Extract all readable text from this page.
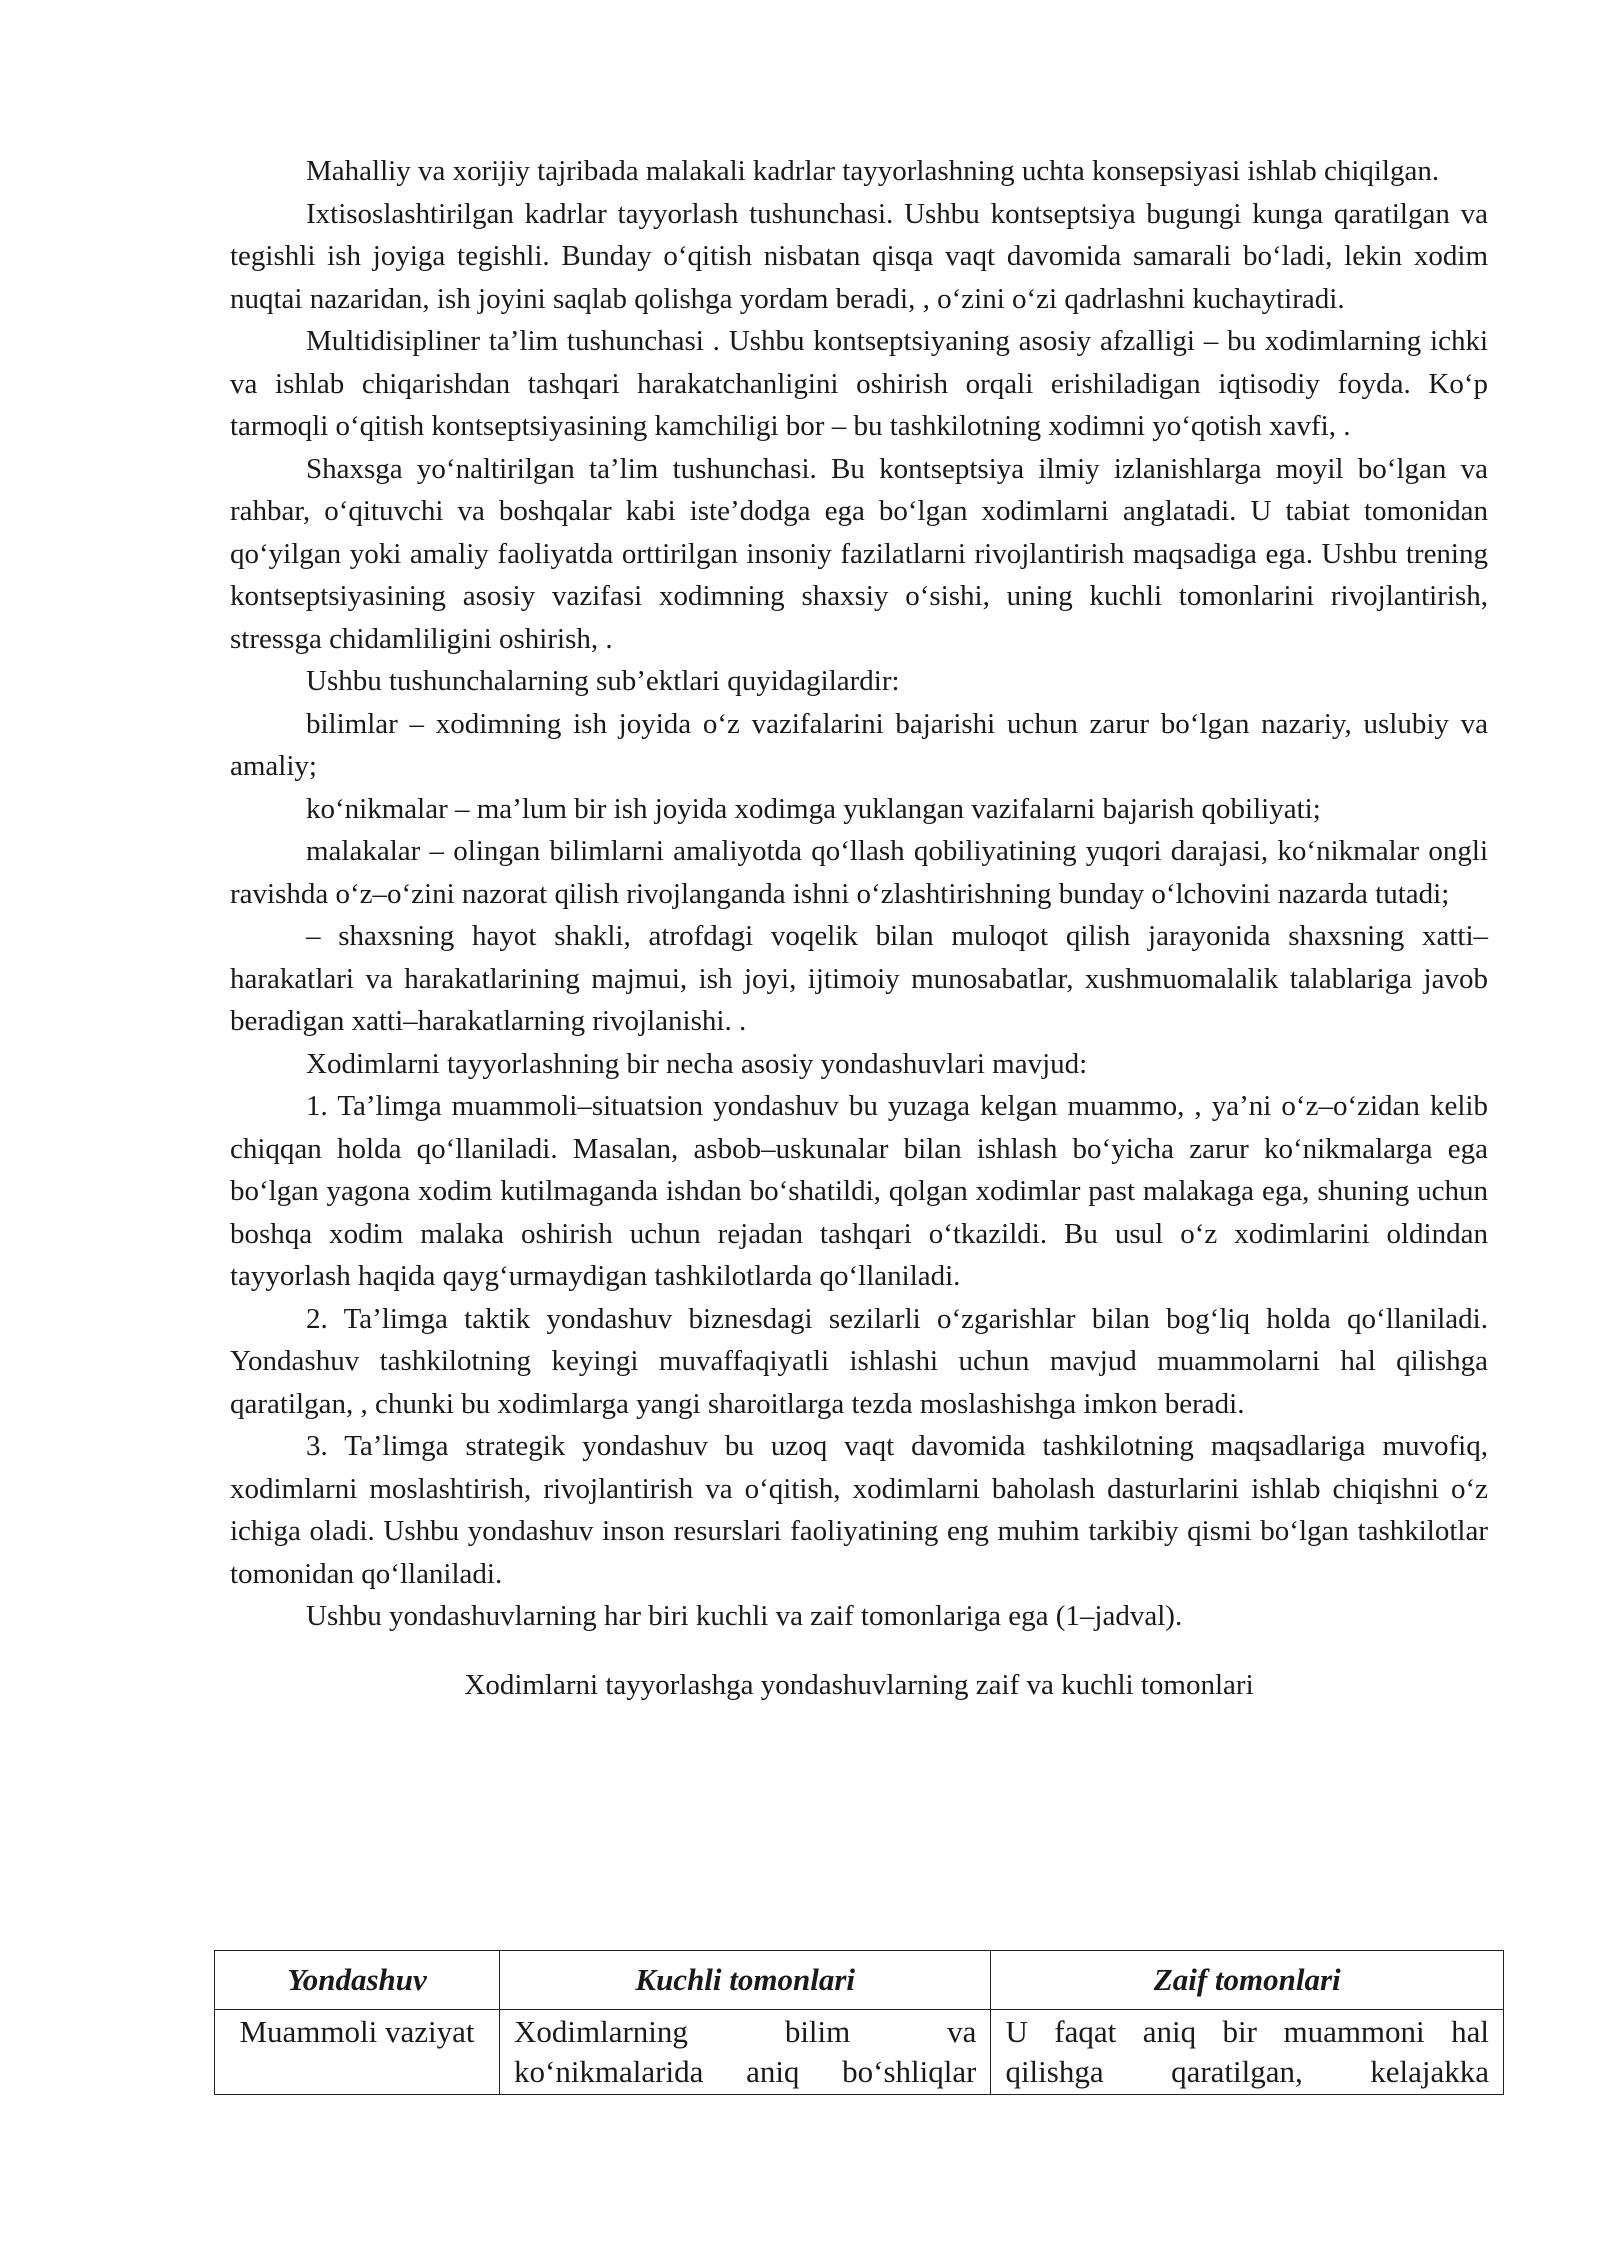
Mahalliy va xorijiy tajribada malakali kadrlar tayyorlashning uchta konsepsiyasi ishlab chiqilgan.

Ixtisoslashtirilgan kadrlar tayyorlash tushunchasi. Ushbu kontseptsiya bugungi kunga qaratilgan va tegishli ish joyiga tegishli. Bunday o‘qitish nisbatan qisqa vaqt davomida samarali bo‘ladi, lekin xodim nuqtai nazaridan, ish joyini saqlab qolishga yordam beradi, , o‘zini o‘zi qadrlashni kuchaytiradi.

Multidisipliner ta’lim tushunchasi . Ushbu kontseptsiyaning asosiy afzalligi – bu xodimlarning ichki va ishlab chiqarishdan tashqari harakatchanligini oshirish orqali erishiladigan iqtisodiy foyda. Ko‘p tarmoqli o‘qitish kontseptsiyasining kamchiligi bor – bu tashkilotning xodimni yo‘qotish xavfi, .

Shaxsga yo‘naltirilgan ta’lim tushunchasi. Bu kontseptsiya ilmiy izlanishlarga moyil bo‘lgan va rahbar, o‘qituvchi va boshqalar kabi iste’dodga ega bo‘lgan xodimlarni anglatadi. U tabiat tomonidan qo‘yilgan yoki amaliy faoliyatda orttirilgan insoniy fazilatlarni rivojlantirish maqsadiga ega. Ushbu trening kontseptsiyasining asosiy vazifasi xodimning shaxsiy o‘sishi, uning kuchli tomonlarini rivojlantirish, stressga chidamliligini oshirish, .

Ushbu tushunchalarning sub’ektlari quyidagilardir:

bilimlar – xodimning ish joyida o‘z vazifalarini bajarishi uchun zarur bo‘lgan nazariy, uslubiy va amaliy;

ko‘nikmalar – ma’lum bir ish joyida xodimga yuklangan vazifalarni bajarish qobiliyati;

malakalar – olingan bilimlarni amaliyotda qo‘llash qobiliyatining yuqori darajasi, ko‘nikmalar ongli ravishda o‘z–o‘zini nazorat qilish rivojlanganda ishni o‘zlashtirishning bunday o‘lchovini nazarda tutadi;

– shaxsning hayot shakli, atrofdagi voqelik bilan muloqot qilish jarayonida shaxsning xatti–harakatlari va harakatlarining majmui, ish joyi, ijtimoiy munosabatlar, xushmuomalalik talablariga javob beradigan xatti–harakatlarning rivojlanishi. .

Xodimlarni tayyorlashning bir necha asosiy yondashuvlari mavjud:

1. Ta’limga muammoli–situatsion yondashuv bu yuzaga kelgan muammo, , ya’ni o‘z–o‘zidan kelib chiqqan holda qo‘llaniladi. Masalan, asbob–uskunalar bilan ishlash bo‘yicha zarur ko‘nikmalarga ega bo‘lgan yagona xodim kutilmaganda ishdan bo‘shatildi, qolgan xodimlar past malakaga ega, shuning uchun boshqa xodim malaka oshirish uchun rejadan tashqari o‘tkazildi. Bu usul o‘z xodimlarini oldindan tayyorlash haqida qayg‘urmaydigan tashkilotlarda qo‘llaniladi.

2. Ta’limga taktik yondashuv biznesdagi sezilarli o‘zgarishlar bilan bog‘liq holda qo‘llaniladi. Yondashuv tashkilotning keyingi muvaffaqiyatli ishlashi uchun mavjud muammolarni hal qilishga qaratilgan, , chunki bu xodimlarga yangi sharoitlarga tezda moslashishga imkon beradi.

3. Ta’limga strategik yondashuv bu uzoq vaqt davomida tashkilotning maqsadlariga muvofiq, xodimlarni moslashtirish, rivojlantirish va o‘qitish, xodimlarni baholash dasturlarini ishlab chiqishni o‘z ichiga oladi. Ushbu yondashuv inson resurslari faoliyatining eng muhim tarkibiy qismi bo‘lgan tashkilotlar tomonidan qo‘llaniladi.

Ushbu yondashuvlarning har biri kuchli va zaif tomonlariga ega (1–jadval).

Xodimlarni tayyorlashga yondashuvlarning zaif va kuchli tomonlari

Yondashuv	Kuchli tomonlari	Zaif tomonlari

Muammoli vaziyat	Xodimlarning bilim va ko‘nikmalarida aniq bo‘shliqlar	U faqat aniq bir muammoni hal qilishga qaratilgan, kelajakka
